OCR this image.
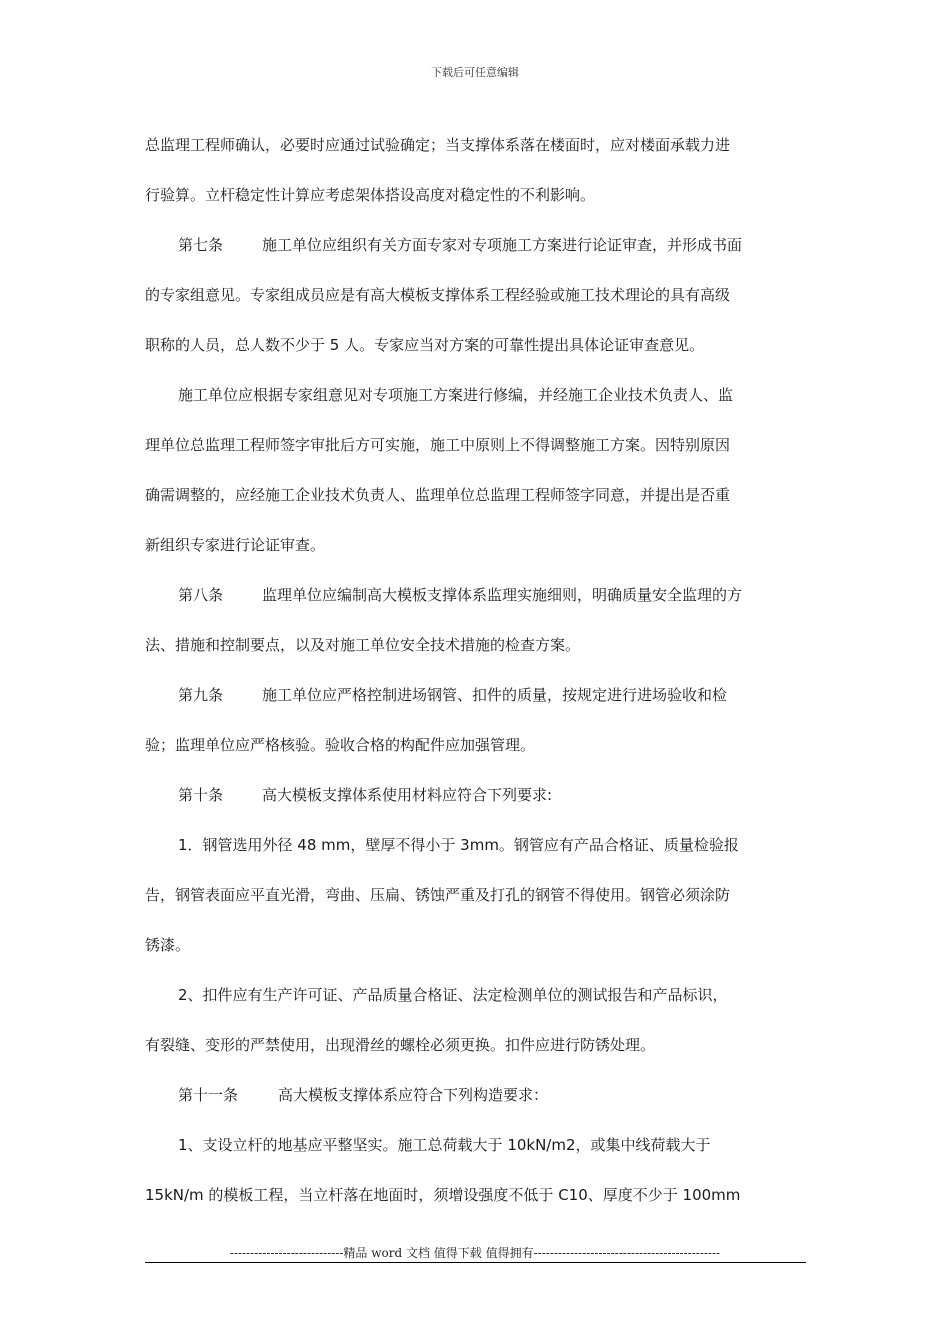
下载后可任意编辑
总监理工程师确认，必要时应通过试验确定；当支撑体系落在楼面时，应对楼面承载力进
行验算。立杆稳定性计算应考虑架体搭设高度对稳定性的不利影响。
第七条	施工单位应组织有关方面专家对专项施工方案进行论证审查，并形成书面
的专家组意见。专家组成员应是有高大模板支撑体系工程经验或施工技术理论的具有高级
职称的人员，总人数不少于 5 人。专家应当对方案的可靠性提出具体论证审查意见。
施工单位应根据专家组意见对专项施工方案进行修编，并经施工企业技术负责人、监
理单位总监理工程师签字审批后方可实施，施工中原则上不得调整施工方案。因特别原因
确需调整的，应经施工企业技术负责人、监理单位总监理工程师签字同意，并提出是否重
新组织专家进行论证审查。
第八条	监理单位应编制高大模板支撑体系监理实施细则，明确质量安全监理的方
法、措施和控制要点，以及对施工单位安全技术措施的检查方案。
第九条	施工单位应严格控制进场钢管、扣件的质量，按规定进行进场验收和检
验；监理单位应严格核验。验收合格的构配件应加强管理。
第十条	高大模板支撑体系使用材料应符合下列要求:
1．钢管选用外径 48 mm，壁厚不得小于 3mm。钢管应有产品合格证、质量检验报
告，钢管表面应平直光滑，弯曲、压扁、锈蚀严重及打孔的钢管不得使用。钢管必须涂防
锈漆。
2、扣件应有生产许可证、产品质量合格证、法定检测单位的测试报告和产品标识，
有裂缝、变形的严禁使用，出现滑丝的螺栓必须更换。扣件应进行防锈处理。
第十一条	高大模板支撑体系应符合下列构造要求：
1、支设立杆的地基应平整坚实。施工总荷载大于 10kN/m2，或集中线荷载大于
15kN/m 的模板工程，当立杆落在地面时，须增设强度不低于 C10、厚度不少于 100mm
----------------------------精品 word 文档 值得下载 值得拥有----------------------------------------------
